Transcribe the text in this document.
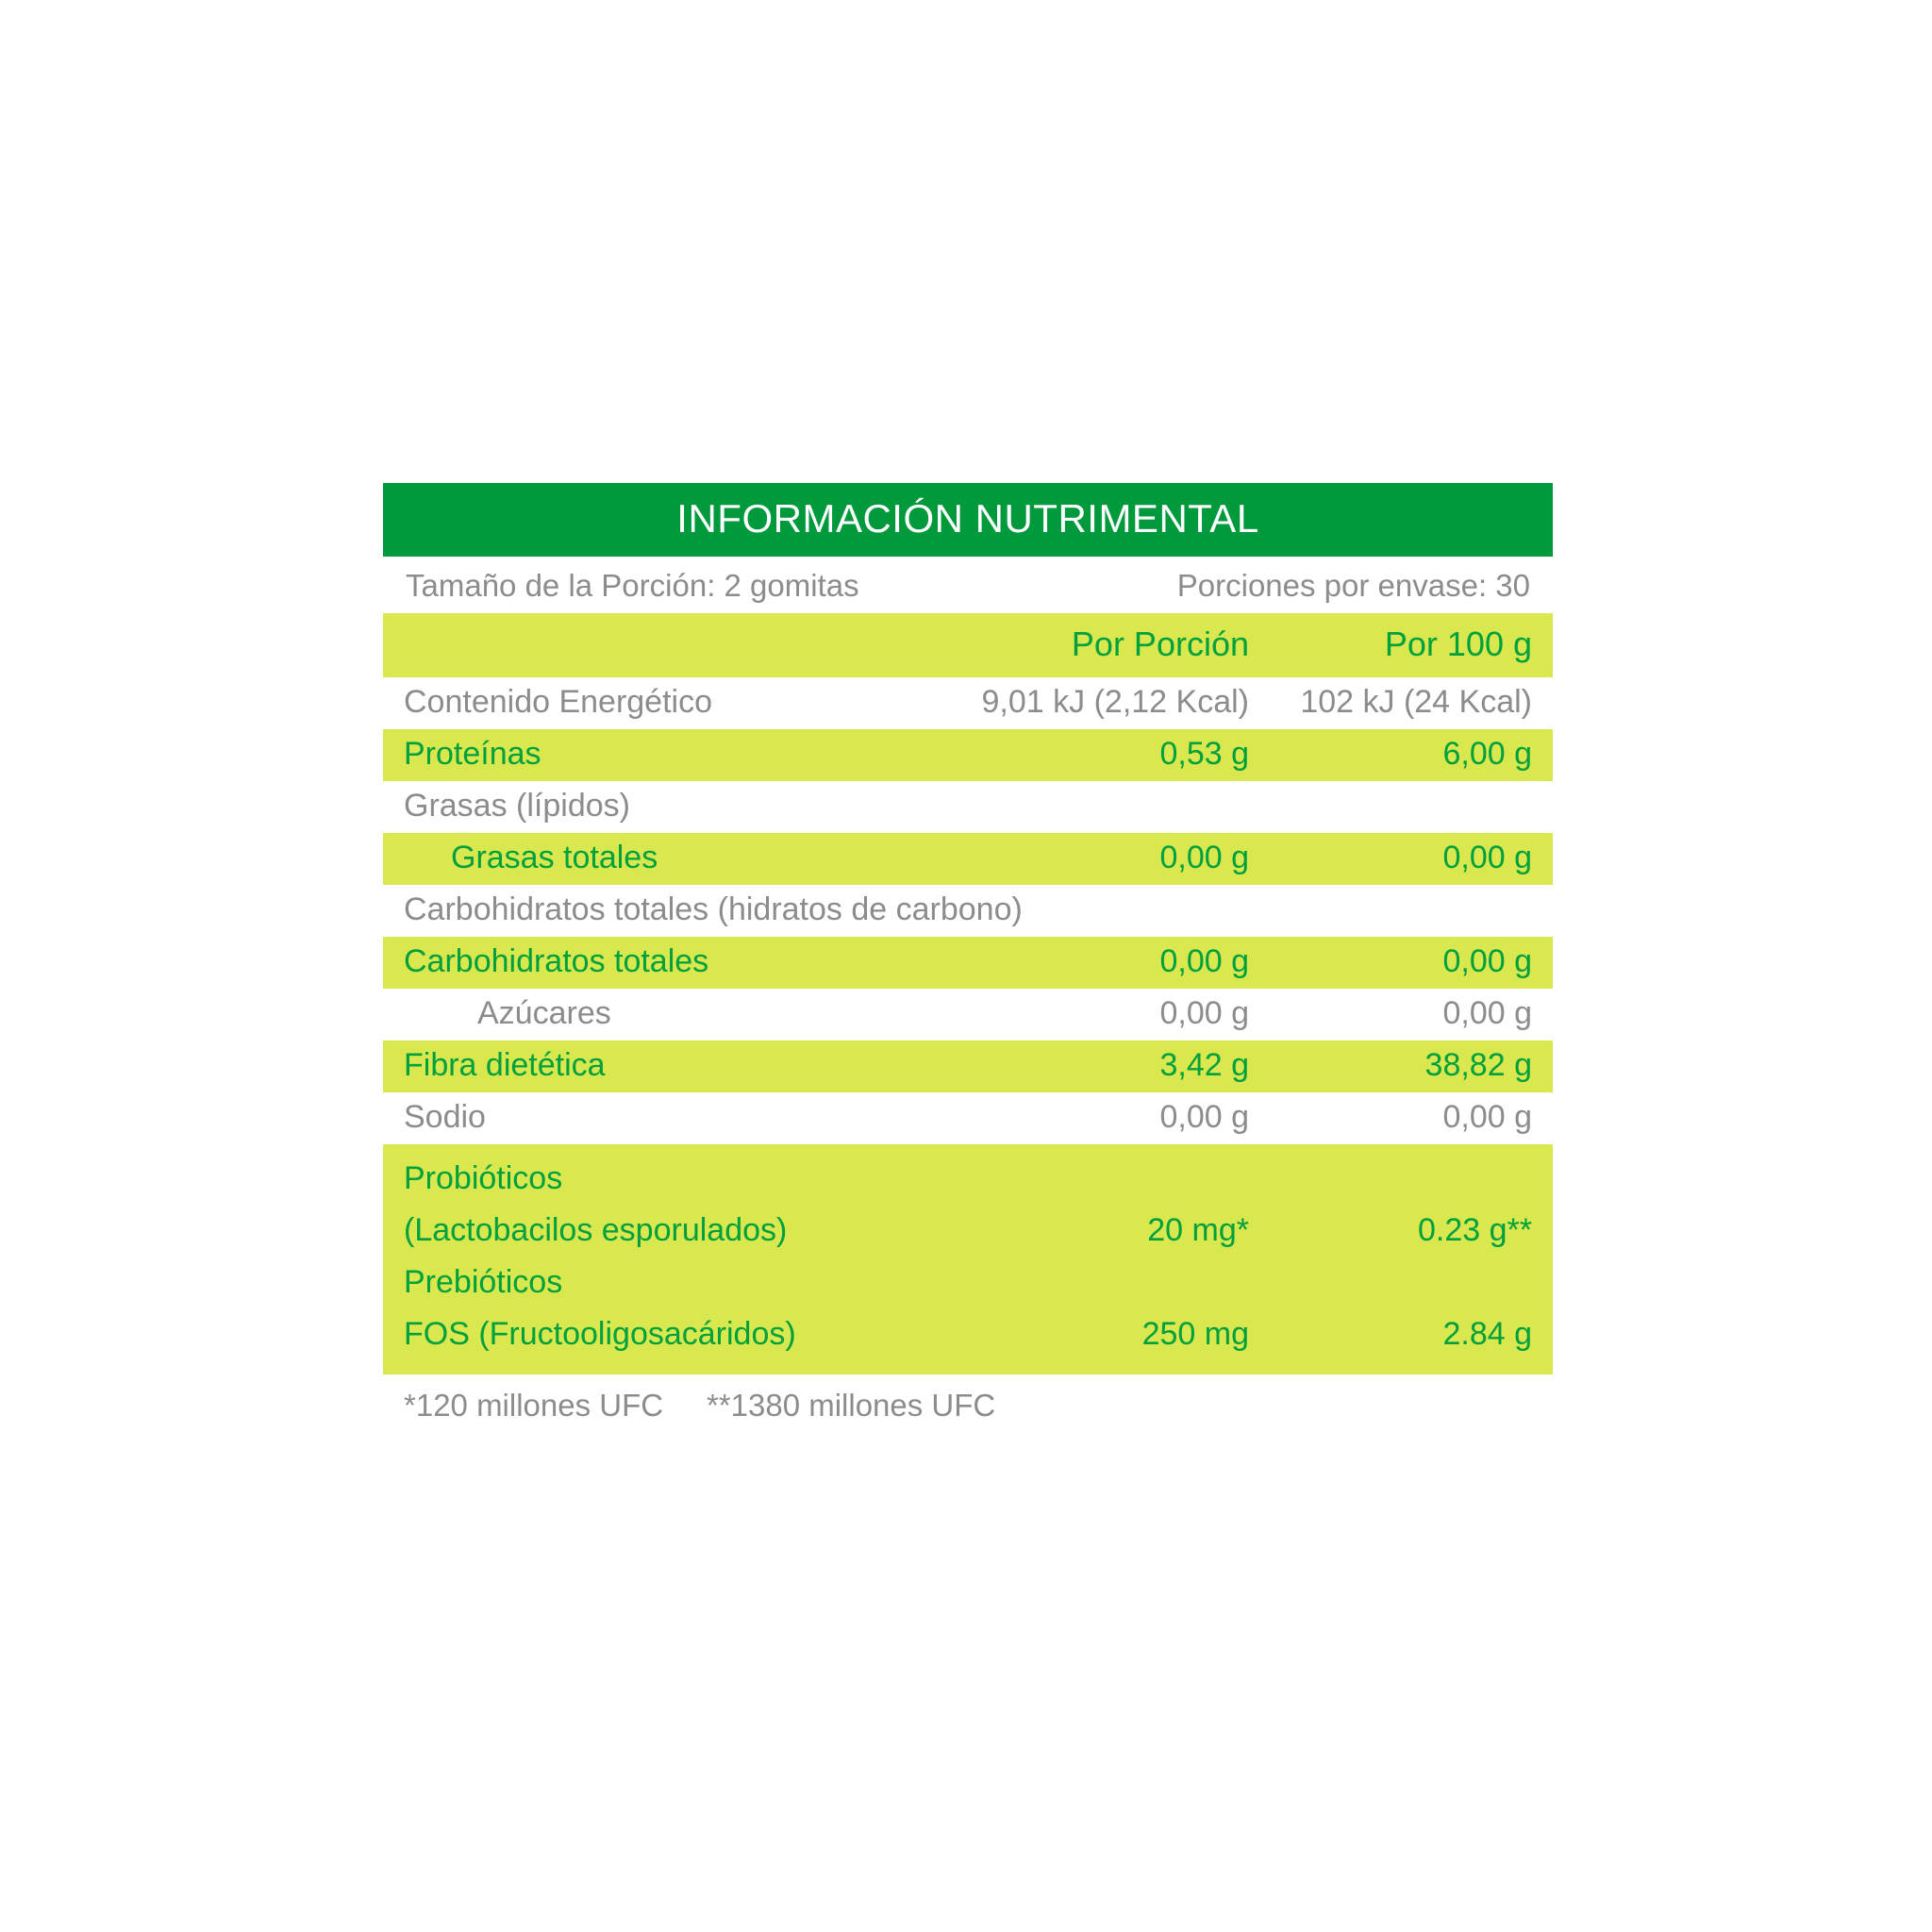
INFORMACIÓN NUTRIMENTAL
Tamaño de la Porción: 2 gomitas	Porciones por envase: 30
Por Porción	Por 100 g
Contenido Energético	9,01 kJ (2,12 Kcal)	102 kJ (24 Kcal)
Proteínas	0,53 g	6,00 g
Grasas (lípidos)
Grasas totales	0,00 g	0,00 g
Carbohidratos totales (hidratos de carbono)
Carbohidratos totales	0,00 g	0,00 g
Azúcares	0,00 g	0,00 g
Fibra dietética	3,42 g	38,82 g
Sodio	0,00 g	0,00 g
Probióticos
(Lactobacilos esporulados)	20 mg*	0.23 g**
Prebióticos
FOS (Fructooligosacáridos)	250 mg	2.84 g
*120 millones UFC     **1380 millones UFC
